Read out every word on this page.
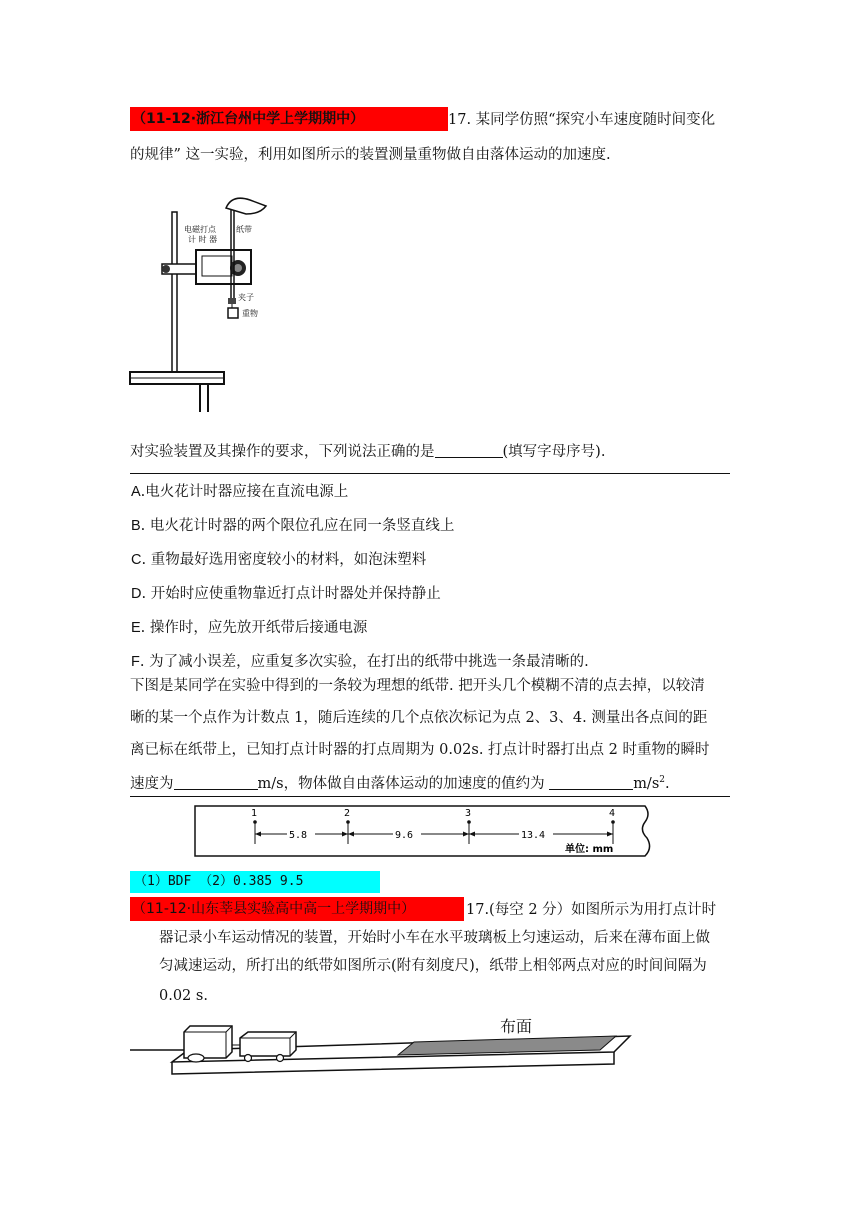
（11-12·浙江台州中学上学期期中）	17. 某同学仿照“探究小车速度随时间变化
的规律” 这一实验，利用如图所示的装置测量重物做自由落体运动的加速度.
电磁打点
计 时 器
纸带
夹子
重物
对实验装置及其操作的要求，下列说法正确的是	(填写字母序号).
A.电火花计时器应接在直流电源上
B. 电火花计时器的两个限位孔应在同一条竖直线上
C. 重物最好选用密度较小的材料，如泡沫塑料
D. 开始时应使重物靠近打点计时器处并保持静止
E. 操作时，应先放开纸带后接通电源
F. 为了减小误差，应重复多次实验，在打出的纸带中挑选一条最清晰的.
下图是某同学在实验中得到的一条较为理想的纸带. 把开头几个模糊不清的点去掉，以较清
晰的某一个点作为计数点 1，随后连续的几个点依次标记为点 2、3、4. 测量出各点间的距
离已标在纸带上，已知打点计时器的打点周期为 0.02s. 打点计时器打出点 2 时重物的瞬时
速度为	m/s，物体做自由落体运动的加速度的值约为	$m/s^2$.
1	2	3	4
5.8	9.6	13.4
单位: mm
（1）BDF （2）0.385 9.5
（11-12·山东莘县实验高中高一上学期期中）	17.(每空 2 分）如图所示为用打点计时
器记录小车运动情况的装置，开始时小车在水平玻璃板上匀速运动，后来在薄布面上做
匀减速运动，所打出的纸带如图所示(附有刻度尺)，纸带上相邻两点对应的时间间隔为
0.02 s.
布面
